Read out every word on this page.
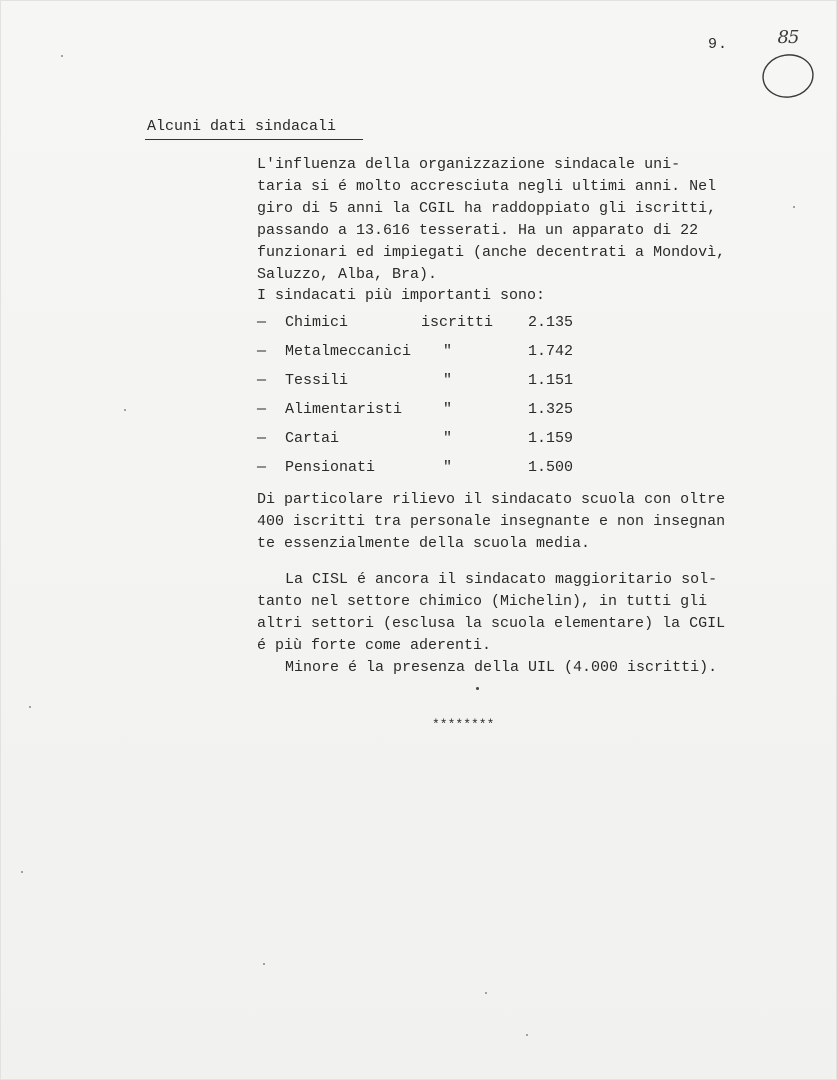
9.

	85

Alcuni dati sindacali
L'influenza della organizzazione sindacale uni-
taria si é molto accresciuta negli ultimi anni. Nel
giro di 5 anni la CGIL ha raddoppiato gli iscritti,
passando a 13.616 tesserati. Ha un apparato di 22
funzionari ed impiegati (anche decentrati a Mondovì,
Saluzzo, Alba, Bra).
I sindacati più importanti sono:
— Chimici	iscritti 2.135
— Metalmeccanici "	1.742
— Tessili	"	1.151
— Alimentaristi	"	1.325
— Cartai	"	1.159
— Pensionati	"	1.500
Di particolare rilievo il sindacato scuola con oltre
400 iscritti tra personale insegnante e non insegnan
te essenzialmente della scuola media.
La CISL é ancora il sindacato maggioritario sol-
tanto nel settore chimico (Michelin), in tutti gli
altri settori (esclusa la scuola elementare) la CGIL
é più forte come aderenti.
Minore é la presenza della UIL (4.000 iscritti).
********
